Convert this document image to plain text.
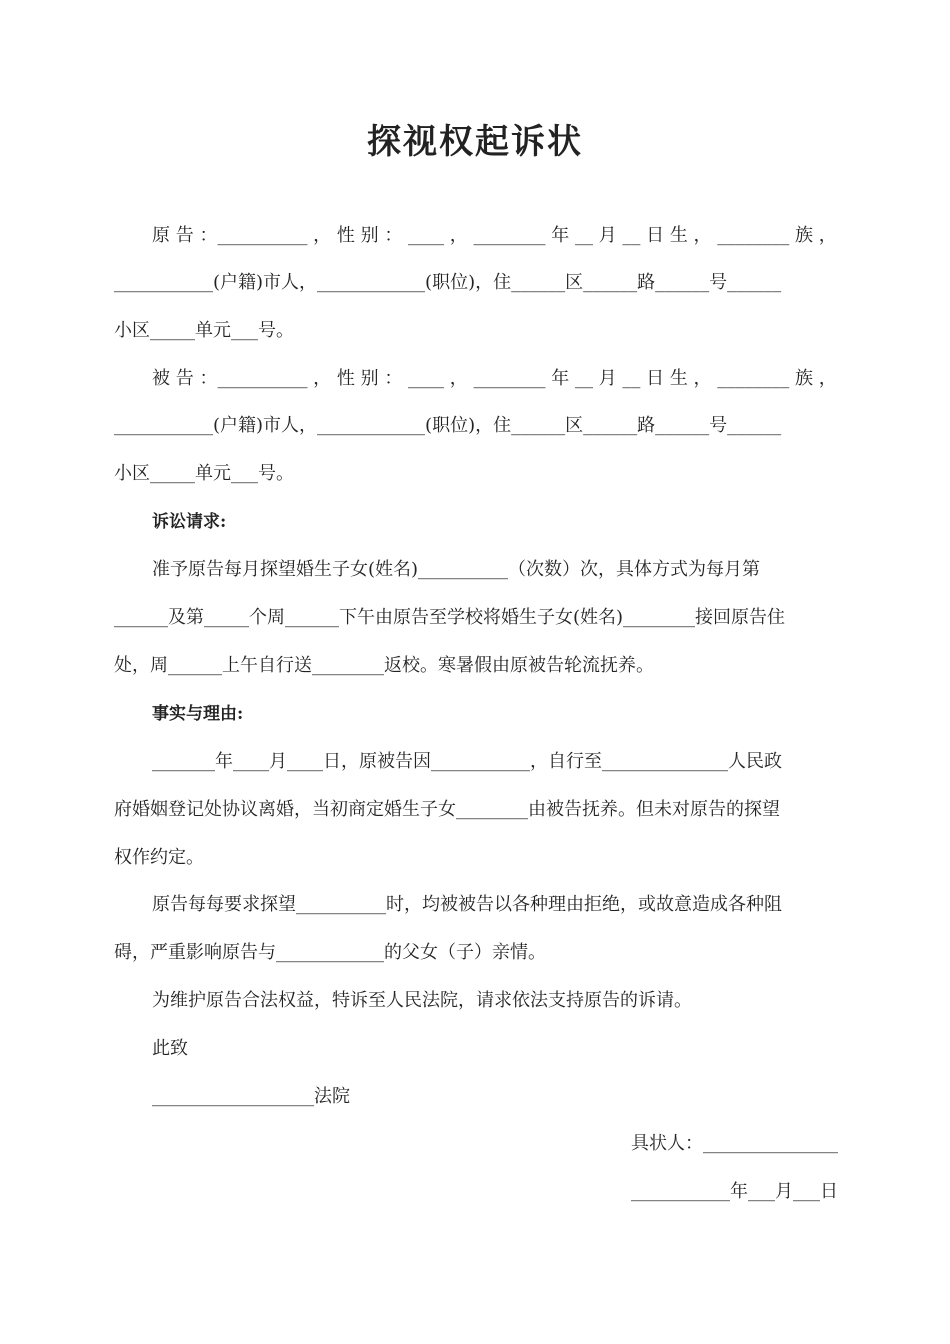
探视权起诉状
原 告 ：__________ ， 性 别 ： ____ ， ________ 年 __ 月 __ 日 生 ， ________ 族 ，
___________(户籍)市人，____________(职位)，住______区______路______号______
小区_____单元___号。
被 告 ：__________ ， 性 别 ： ____ ， ________ 年 __ 月 __ 日 生 ， ________ 族 ，
___________(户籍)市人，____________(职位)，住______区______路______号______
小区_____单元___号。
诉讼请求:
准予原告每月探望婚生子女(姓名)__________（次数）次，具体方式为每月第
______及第_____个周______下午由原告至学校将婚生子女(姓名)________接回原告住
处，周______上午自行送________返校。寒暑假由原被告轮流抚养。
事实与理由:
_______年____月____日，原被告因___________，自行至______________人民政
府婚姻登记处协议离婚，当初商定婚生子女________由被告抚养。但未对原告的探望
权作约定。
原告每每要求探望__________时，均被被告以各种理由拒绝，或故意造成各种阻
碍，严重影响原告与____________的父女（子）亲情。
为维护原告合法权益，特诉至人民法院，请求依法支持原告的诉请。
此致
__________________法院
具状人：_______________
___________年___月___日
